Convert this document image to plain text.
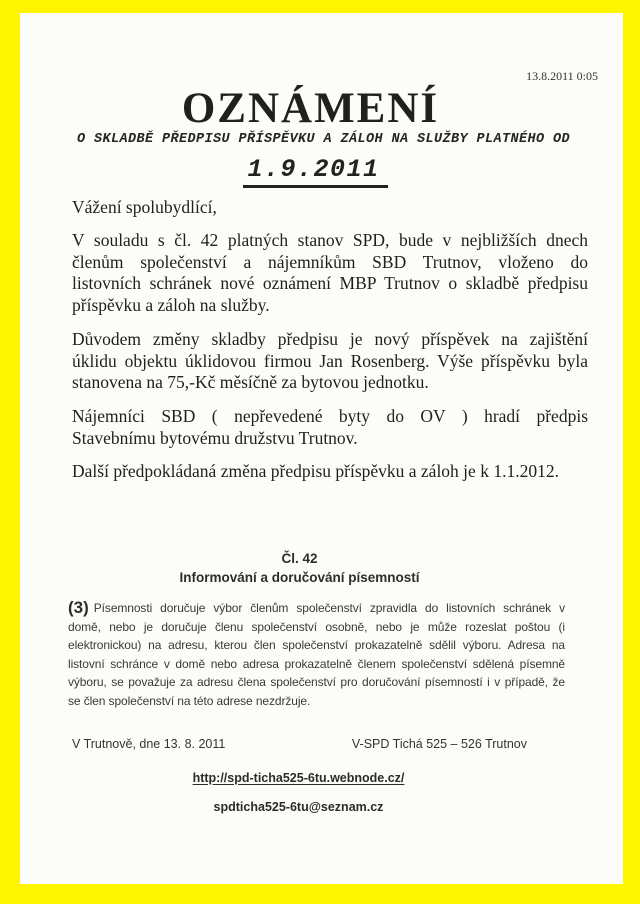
13.8.2011 0:05
OZNÁMENÍ
O SKLADBĚ PŘEDPISU PŘÍSPĚVKU A ZÁLOH NA SLUŽBY PLATNÉHO OD
1.9.2011
Vážení spolubydlící,
V souladu s čl. 42 platných stanov SPD, bude v nejbližších dnech
členům společenství a nájemníkům SBD Trutnov, vloženo do
listovních schránek nové oznámení MBP Trutnov o skladbě předpisu
příspěvku a záloh na služby.
Důvodem změny skladby předpisu je nový příspěvek na zajištění
úklidu objektu úklidovou firmou Jan Rosenberg. Výše příspěvku byla
stanovena na 75,-Kč měsíčně za bytovou jednotku.
Nájemníci SBD ( nepřevedené byty do OV ) hradí předpis
Stavebnímu bytovému družstvu Trutnov.
Další předpokládaná změna předpisu příspěvku a záloh je k 1.1.2012.
Čl. 42
Informování a doručování písemností
(3) Písemnosti doručuje výbor členům společenství zpravidla do listovních schránek v
domě, nebo je doručuje členu společenství osobně, nebo je může rozeslat poštou (i
elektronickou) na adresu, kterou člen společenství prokazatelně sdělil výboru. Adresa na
listovní schránce v domě nebo adresa prokazatelně členem společenství sdělená písemně
výboru, se považuje za adresu člena společenství pro doručování písemností i v případě, že
se člen společenství na této adrese nezdržuje.
V Trutnově, dne 13. 8. 2011	V-SPD Tichá 525 – 526 Trutnov
http://spd-ticha525-6tu.webnode.cz/
spdticha525-6tu@seznam.cz
